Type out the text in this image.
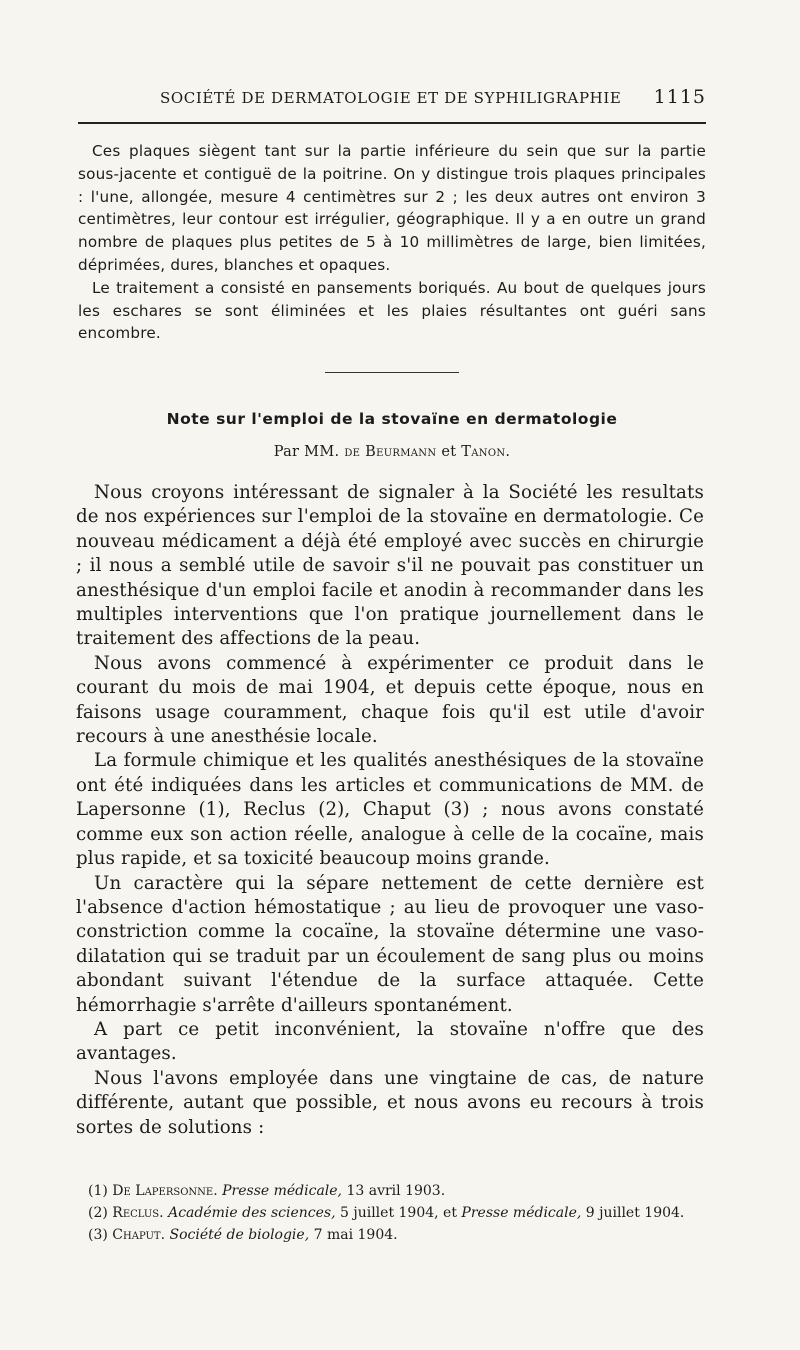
SOCIÉTÉ DE DERMATOLOGIE ET DE SYPHILIGRAPHIE 1115

Ces plaques siègent tant sur la partie inférieure du sein que sur la partie sous-jacente et contiguë de la poitrine. On y distingue trois plaques principales : l'une, allongée, mesure 4 centimètres sur 2 ; les deux autres ont environ 3 centimètres, leur contour est irrégulier, géographique. Il y a en outre un grand nombre de plaques plus petites de 5 à 10 millimètres de large, bien limitées, déprimées, dures, blanches et opaques.

Le traitement a consisté en pansements boriqués. Au bout de quelques jours les eschares se sont éliminées et les plaies résultantes ont guéri sans encombre.

Note sur l'emploi de la stovaïne en dermatologie
Par MM. de Beurmann et Tanon.

Nous croyons intéressant de signaler à la Société les resultats de nos expériences sur l'emploi de la stovaïne en dermatologie. Ce nouveau médicament a déjà été employé avec succès en chirurgie ; il nous a semblé utile de savoir s'il ne pouvait pas constituer un anesthésique d'un emploi facile et anodin à recommander dans les multiples interventions que l'on pratique journellement dans le traitement des affections de la peau.

Nous avons commencé à expérimenter ce produit dans le courant du mois de mai 1904, et depuis cette époque, nous en faisons usage couramment, chaque fois qu'il est utile d'avoir recours à une anesthésie locale.

La formule chimique et les qualités anesthésiques de la stovaïne ont été indiquées dans les articles et communications de MM. de Lapersonne (1), Reclus (2), Chaput (3) ; nous avons constaté comme eux son action réelle, analogue à celle de la cocaïne, mais plus rapide, et sa toxicité beaucoup moins grande.

Un caractère qui la sépare nettement de cette dernière est l'absence d'action hémostatique ; au lieu de provoquer une vaso-constriction comme la cocaïne, la stovaïne détermine une vaso-dilatation qui se traduit par un écoulement de sang plus ou moins abondant suivant l'étendue de la surface attaquée. Cette hémorrhagie s'arrête d'ailleurs spontanément.

A part ce petit inconvénient, la stovaïne n'offre que des avantages.

Nous l'avons employée dans une vingtaine de cas, de nature différente, autant que possible, et nous avons eu recours à trois sortes de solutions :

(1) De Lapersonne. Presse médicale, 13 avril 1903.
(2) Reclus. Académie des sciences, 5 juillet 1904, et Presse médicale, 9 juillet 1904.
(3) Chaput. Société de biologie, 7 mai 1904.
